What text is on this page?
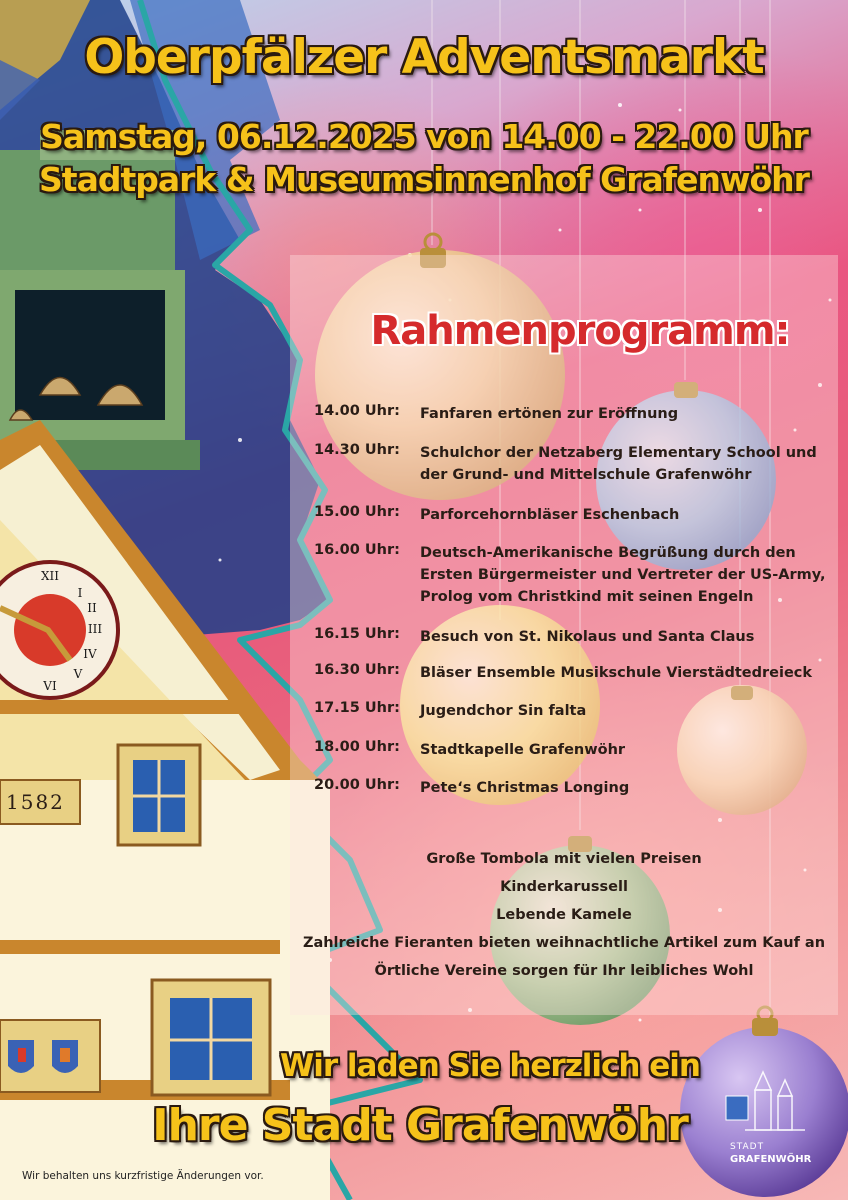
XII
III
VI
I
II
IV
V
1582
Oberpfälzer Adventsmarkt
Samstag, 06.12.2025 von 14.00 - 22.00 Uhr
Stadtpark & Museumsinnenhof Grafenwöhr
Rahmenprogramm:
14.00 Uhr:	Fanfaren ertönen zur Eröffnung
14.30 Uhr:	Schulchor der Netzaberg Elementary School und der Grund- und Mittelschule Grafenwöhr
15.00 Uhr:	Parforcehornbläser Eschenbach
16.00 Uhr:	Deutsch-Amerikanische Begrüßung durch den Ersten Bürgermeister und Vertreter der US-Army, Prolog vom Christkind mit seinen Engeln
16.15 Uhr:	Besuch von St. Nikolaus und Santa Claus
16.30 Uhr:	Bläser Ensemble Musikschule Vierstädtedreieck
17.15 Uhr:	Jugendchor Sin falta
18.00 Uhr:	Stadtkapelle Grafenwöhr
20.00 Uhr:	Pete‘s Christmas Longing
Große Tombola mit vielen Preisen
Kinderkarussell
Lebende Kamele
Zahlreiche Fieranten bieten weihnachtliche Artikel zum Kauf an
Örtliche Vereine sorgen für Ihr leibliches Wohl
Wir laden Sie herzlich ein
Ihre Stadt Grafenwöhr
Wir behalten uns kurzfristige Änderungen vor.
STADT
GRAFENWÖHR
